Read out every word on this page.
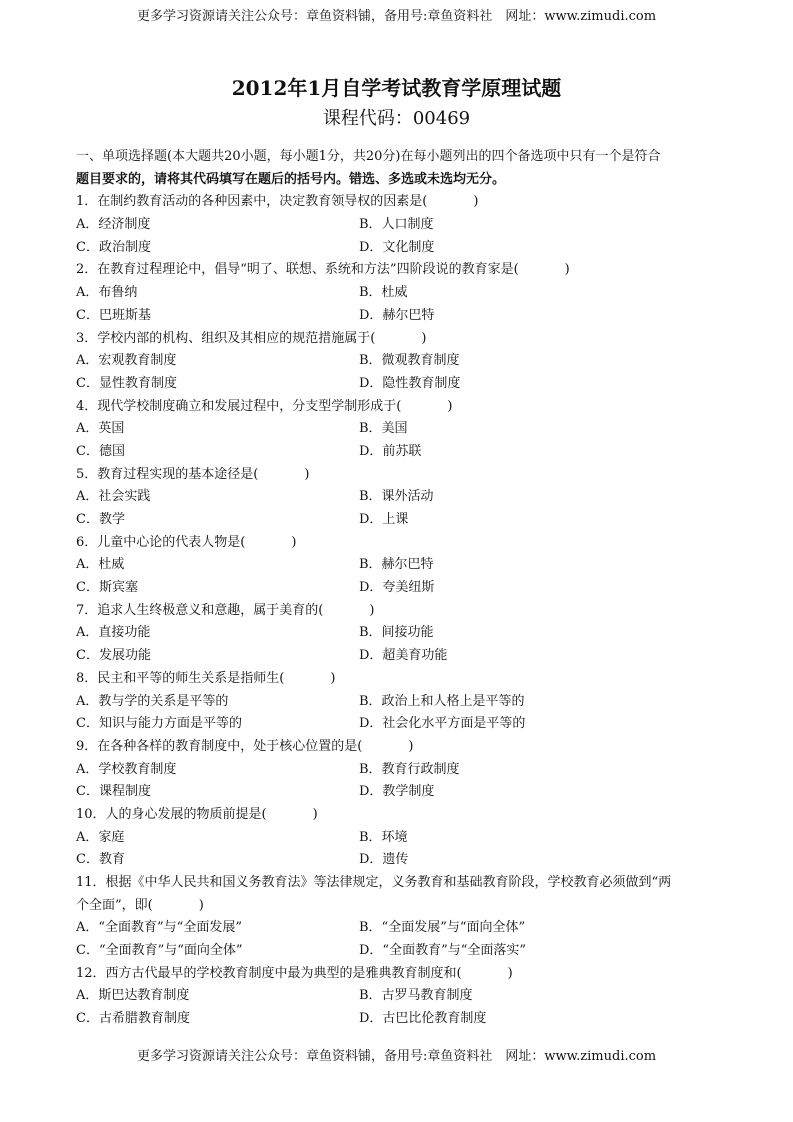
更多学习资源请关注公众号：章鱼资料铺，备用号:章鱼资料社　网址：www.zimudi.com
2012年1月自学考试教育学原理试题
课程代码：00469
一、单项选择题(本大题共20小题，每小题1分，共20分)在每小题列出的四个备选项中只有一个是符合
题目要求的，请将其代码填写在题后的括号内。错选、多选或未选均无分。
1．在制约教育活动的各种因素中，决定教育领导权的因素是(	)
A．经济制度	B．人口制度
C．政治制度	D．文化制度
2．在教育过程理论中，倡导“明了、联想、系统和方法”四阶段说的教育家是(	)
A．布鲁纳	B．杜威
C．巴班斯基	D．赫尔巴特
3．学校内部的机构、组织及其相应的规范措施属于(	)
A．宏观教育制度	B．微观教育制度
C．显性教育制度	D．隐性教育制度
4．现代学校制度确立和发展过程中，分支型学制形成于(	)
A．英国	B．美国
C．德国	D．前苏联
5．教育过程实现的基本途径是(	)
A．社会实践	B．课外活动
C．教学	D．上课
6．儿童中心论的代表人物是(	)
A．杜威	B．赫尔巴特
C．斯宾塞	D．夸美纽斯
7．追求人生终极意义和意趣，属于美育的(	)
A．直接功能	B．间接功能
C．发展功能	D．超美育功能
8．民主和平等的师生关系是指师生(	)
A．教与学的关系是平等的	B．政治上和人格上是平等的
C．知识与能力方面是平等的	D．社会化水平方面是平等的
9．在各种各样的教育制度中，处于核心位置的是(	)
A．学校教育制度	B．教育行政制度
C．课程制度	D．教学制度
10．人的身心发展的物质前提是(	)
A．家庭	B．环境
C．教育	D．遗传
11．根据《中华人民共和国义务教育法》等法律规定，义务教育和基础教育阶段，学校教育必须做到“两
个全面”，即(	)
A．“全面教育”与“全面发展”	B．“全面发展”与“面向全体”
C．“全面教育”与“面向全体”	D．“全面教育”与“全面落实”
12．西方古代最早的学校教育制度中最为典型的是雅典教育制度和(	)
A．斯巴达教育制度	B．古罗马教育制度
C．古希腊教育制度	D．古巴比伦教育制度
更多学习资源请关注公众号：章鱼资料铺，备用号:章鱼资料社　网址：www.zimudi.com
